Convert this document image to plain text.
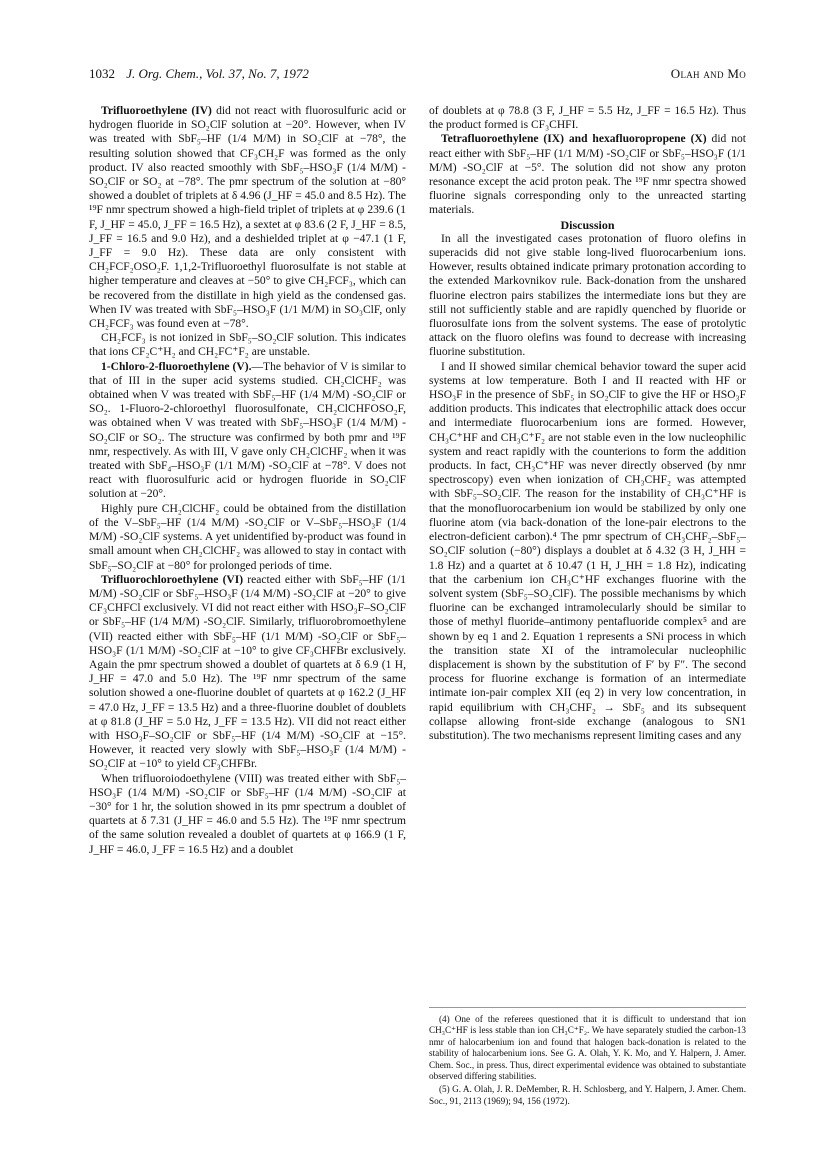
1032 J. Org. Chem., Vol. 37, No. 7, 1972	Olah and Mo

Trifluoroethylene (IV) did not react with fluorosulfuric acid or hydrogen fluoride in SO₂ClF solution at −20°. However, when IV was treated with SbF₅–HF (1/4 M/M) in SO₂ClF at −78°, the resulting solution showed that CF₃CH₂F was formed as the only product. IV also reacted smoothly with SbF₅–HSO₃F (1/4 M/M) -SO₂ClF or SO₂ at −78°. The pmr spectrum of the solution at −80° showed a doublet of triplets at δ 4.96 (J_HF = 45.0 and 8.5 Hz). The ¹⁹F nmr spectrum showed a high-field triplet of triplets at φ 239.6 (1 F, J_HF = 45.0, J_FF = 16.5 Hz), a sextet at φ 83.6 (2 F, J_HF = 8.5, J_FF = 16.5 and 9.0 Hz), and a deshielded triplet at φ −47.1 (1 F, J_FF = 9.0 Hz). These data are only consistent with CH₂FCF₂OSO₂F. 1,1,2-Trifluoroethyl fluorosulfate is not stable at higher temperature and cleaves at −50° to give CH₂FCF₃, which can be recovered from the distillate in high yield as the condensed gas. When IV was treated with SbF₅–HSO₃F (1/1 M/M) in SO₃ClF, only CH₂FCF₃ was found even at −78°.

CH₂FCF₃ is not ionized in SbF₅–SO₂ClF solution. This indicates that ions CF₂C⁺H₂ and CH₂FC⁺F₂ are unstable.

1-Chloro-2-fluoroethylene (V).—The behavior of V is similar to that of III in the super acid systems studied. CH₂ClCHF₂ was obtained when V was treated with SbF₅–HF (1/4 M/M) -SO₂ClF or SO₂. 1-Fluoro-2-chloroethyl fluorosulfonate, CH₂ClCHFOSO₂F, was obtained when V was treated with SbF₅–HSO₃F (1/4 M/M) -SO₂ClF or SO₂. The structure was confirmed by both pmr and ¹⁹F nmr, respectively. As with III, V gave only CH₂ClCHF₂ when it was treated with SbF₄–HSO₃F (1/1 M/M) -SO₂ClF at −78°. V does not react with fluorosulfuric acid or hydrogen fluoride in SO₂ClF solution at −20°.

Highly pure CH₂ClCHF₂ could be obtained from the distillation of the V–SbF₅–HF (1/4 M/M) -SO₂ClF or V–SbF₅–HSO₃F (1/4 M/M) -SO₂ClF systems. A yet unidentified by-product was found in small amount when CH₂ClCHF₂ was allowed to stay in contact with SbF₅–SO₂ClF at −80° for prolonged periods of time.

Trifluorochloroethylene (VI) reacted either with SbF₅–HF (1/1 M/M) -SO₂ClF or SbF₅–HSO₃F (1/4 M/M) -SO₂ClF at −20° to give CF₃CHFCl exclusively. VI did not react either with HSO₃F–SO₂ClF or SbF₅–HF (1/4 M/M) -SO₂ClF. Similarly, trifluorobromoethylene (VII) reacted either with SbF₅–HF (1/1 M/M) -SO₂ClF or SbF₅–HSO₃F (1/1 M/M) -SO₂ClF at −10° to give CF₃CHFBr exclusively. Again the pmr spectrum showed a doublet of quartets at δ 6.9 (1 H, J_HF = 47.0 and 5.0 Hz). The ¹⁹F nmr spectrum of the same solution showed a one-fluorine doublet of quartets at φ 162.2 (J_HF = 47.0 Hz, J_FF = 13.5 Hz) and a three-fluorine doublet of doublets at φ 81.8 (J_HF = 5.0 Hz, J_FF = 13.5 Hz). VII did not react either with HSO₃F–SO₂ClF or SbF₅–HF (1/4 M/M) -SO₂ClF at −15°. However, it reacted very slowly with SbF₅–HSO₃F (1/4 M/M) -SO₂ClF at −10° to yield CF₃CHFBr.

When trifluoroiodoethylene (VIII) was treated either with SbF₅–HSO₃F (1/4 M/M) -SO₂ClF or SbF₅–HF (1/4 M/M) -SO₂ClF at −30° for 1 hr, the solution showed in its pmr spectrum a doublet of quartets at δ 7.31 (J_HF = 46.0 and 5.5 Hz). The ¹⁹F nmr spectrum of the same solution revealed a doublet of quartets at φ 166.9 (1 F, J_HF = 46.0, J_FF = 16.5 Hz) and a doublet

of doublets at φ 78.8 (3 F, J_HF = 5.5 Hz, J_FF = 16.5 Hz). Thus the product formed is CF₃CHFI.

Tetrafluoroethylene (IX) and hexafluoropropene (X) did not react either with SbF₅–HF (1/1 M/M) -SO₂ClF or SbF₅–HSO₃F (1/1 M/M) -SO₂ClF at −5°. The solution did not show any proton resonance except the acid proton peak. The ¹⁹F nmr spectra showed fluorine signals corresponding only to the unreacted starting materials.

Discussion

In all the investigated cases protonation of fluoro olefins in superacids did not give stable long-lived fluorocarbenium ions. However, results obtained indicate primary protonation according to the extended Markovnikov rule. Back-donation from the unshared fluorine electron pairs stabilizes the intermediate ions but they are still not sufficiently stable and are rapidly quenched by fluoride or fluorosulfate ions from the solvent systems. The ease of protolytic attack on the fluoro olefins was found to decrease with increasing fluorine substitution.

I and II showed similar chemical behavior toward the super acid systems at low temperature. Both I and II reacted with HF or HSO₃F in the presence of SbF₅ in SO₂ClF to give the HF or HSO₃F addition products. This indicates that electrophilic attack does occur and intermediate fluorocarbenium ions are formed. However, CH₃C⁺HF and CH₃C⁺F₂ are not stable even in the low nucleophilic system and react rapidly with the counterions to form the addition products. In fact, CH₃C⁺HF was never directly observed (by nmr spectroscopy) even when ionization of CH₃CHF₂ was attempted with SbF₅–SO₂ClF. The reason for the instability of CH₃C⁺HF is that the monofluorocarbenium ion would be stabilized by only one fluorine atom (via back-donation of the lone-pair electrons to the electron-deficient carbon).⁴ The pmr spectrum of CH₃CHF₂–SbF₅–SO₂ClF solution (−80°) displays a doublet at δ 4.32 (3 H, J_HH = 1.8 Hz) and a quartet at δ 10.47 (1 H, J_HH = 1.8 Hz), indicating that the carbenium ion CH₃C⁺HF exchanges fluorine with the solvent system (SbF₅–SO₂ClF). The possible mechanisms by which fluorine can be exchanged intramolecularly should be similar to those of methyl fluoride–antimony pentafluoride complex⁵ and are shown by eq 1 and 2. Equation 1 represents a SNi process in which the transition state XI of the intramolecular nucleophilic displacement is shown by the substitution of F′ by F″. The second process for fluorine exchange is formation of an intermediate intimate ion-pair complex XII (eq 2) in very low concentration, in rapid equilibrium with CH₃CHF₂ → SbF₅ and its subsequent collapse allowing front-side exchange (analogous to SN1 substitution). The two mechanisms represent limiting cases and any

(4) One of the referees questioned that it is difficult to understand that ion CH₃C⁺HF is less stable than ion CH₃C⁺F₂. We have separately studied the carbon-13 nmr of halocarbenium ion and found that halogen back-donation is related to the stability of halocarbenium ions. See G. A. Olah, Y. K. Mo, and Y. Halpern, J. Amer. Chem. Soc., in press. Thus, direct experimental evidence was obtained to substantiate observed differing stabilities.

(5) G. A. Olah, J. R. DeMember, R. H. Schlosberg, and Y. Halpern, J. Amer. Chem. Soc., 91, 2113 (1969); 94, 156 (1972).
